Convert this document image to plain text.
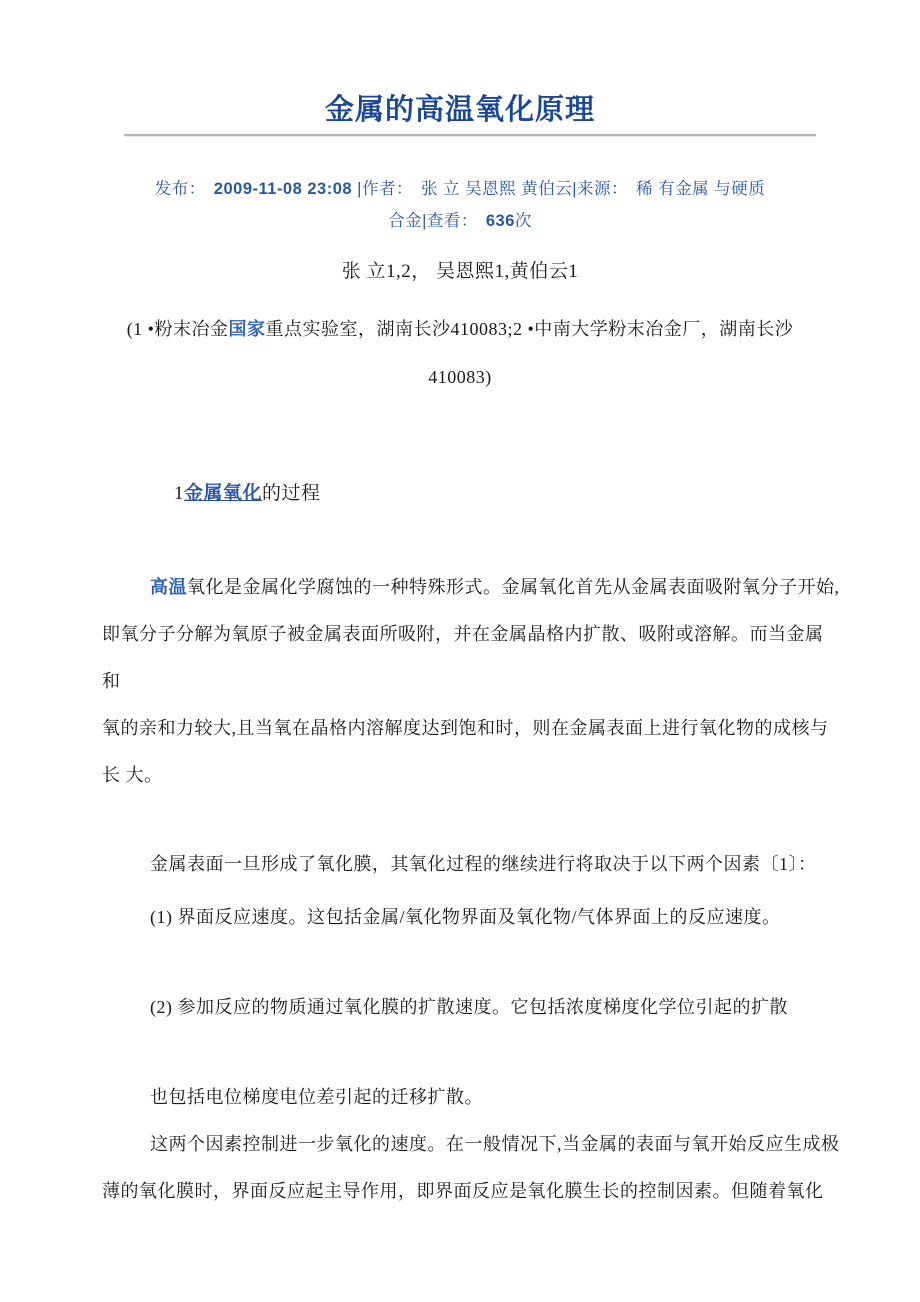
金属的高温氧化原理
发布： 2009-11-08 23:08 |作者： 张 立 吴恩熙 黄伯云|来源： 稀 有金属 与硬质
合金|查看： 636次
张 立1,2， 吴恩熙1,黄伯云1
(1 •粉末冶金国家重点实验室，湖南长沙410083;2 •中南大学粉末冶金厂，湖南长沙
410083)
1金属氧化的过程
高温氧化是金属化学腐蚀的一种特殊形式。金属氧化首先从金属表面吸附氧分子开始,
即氧分子分解为氧原子被金属表面所吸附，并在金属晶格内扩散、吸附或溶解。而当金属
和
氧的亲和力较大,且当氧在晶格内溶解度达到饱和时，则在金属表面上进行氧化物的成核与
长 大。
金属表面一旦形成了氧化膜，其氧化过程的继续进行将取决于以下两个因素〔1〕：
(1) 界面反应速度。这包括金属/氧化物界面及氧化物/气体界面上的反应速度。
(2) 参加反应的物质通过氧化膜的扩散速度。它包括浓度梯度化学位引起的扩散
也包括电位梯度电位差引起的迁移扩散。
这两个因素控制进一步氧化的速度。在一般情况下,当金属的表面与氧开始反应生成极
薄的氧化膜时，界面反应起主导作用，即界面反应是氧化膜生长的控制因素。但随着氧化
